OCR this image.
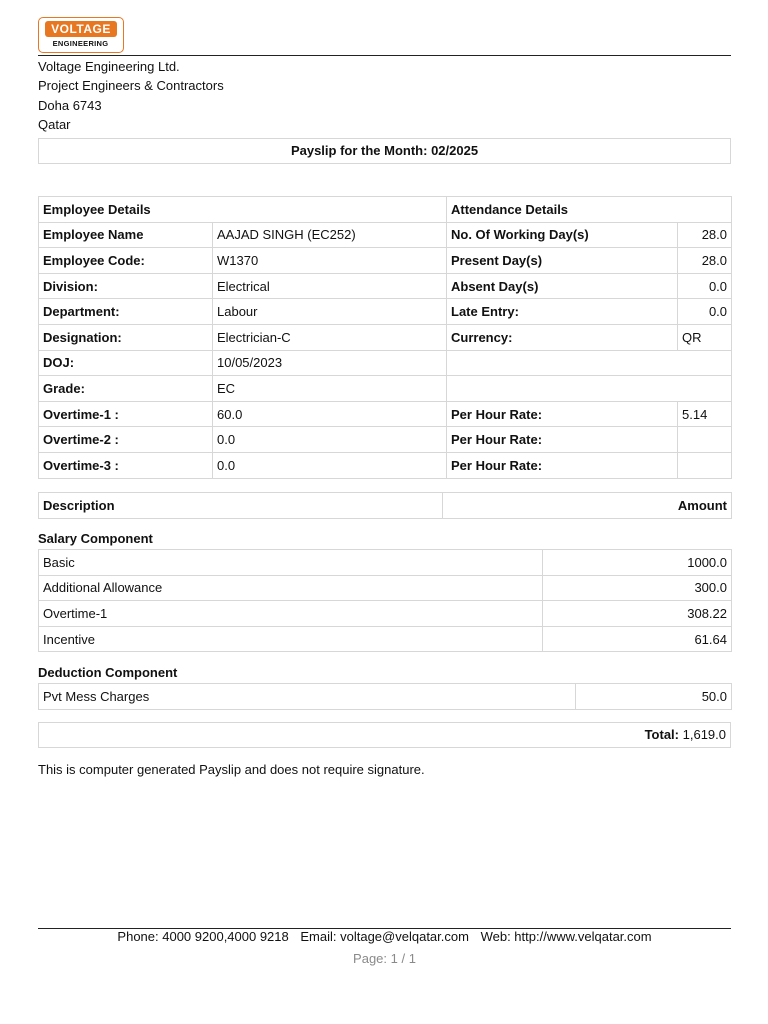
VOLTAGE
ENGINEERING
Voltage Engineering Ltd.
Project Engineers & Contractors
Doha 6743
Qatar
Payslip for the Month: 02/2025
Employee Details		Attendance Details	
Employee Name	AAJAD SINGH (EC252)	No. Of Working Day(s)	28.0
Employee Code:	W1370	Present Day(s)	28.0
Division:	Electrical	Absent Day(s)	0.0
Department:	Labour	Late Entry:	0.0
Designation:	Electrician-C	Currency:	QR
DOJ:	10/05/2023		
Grade:	EC		
Overtime-1 :	60.0	Per Hour Rate:	5.14
Overtime-2 :	0.0	Per Hour Rate:	
Overtime-3 :	0.0	Per Hour Rate:	
Description	Amount
Salary Component
Basic	1000.0
Additional Allowance	300.0
Overtime-1	308.22
Incentive	61.64
Deduction Component
Pvt Mess Charges	50.0
Total: 1,619.0
This is computer generated Payslip and does not require signature.
Phone: 4000 9200,4000 9218 Email: voltage@velqatar.com Web: http://www.velqatar.com
Page: 1 / 1
